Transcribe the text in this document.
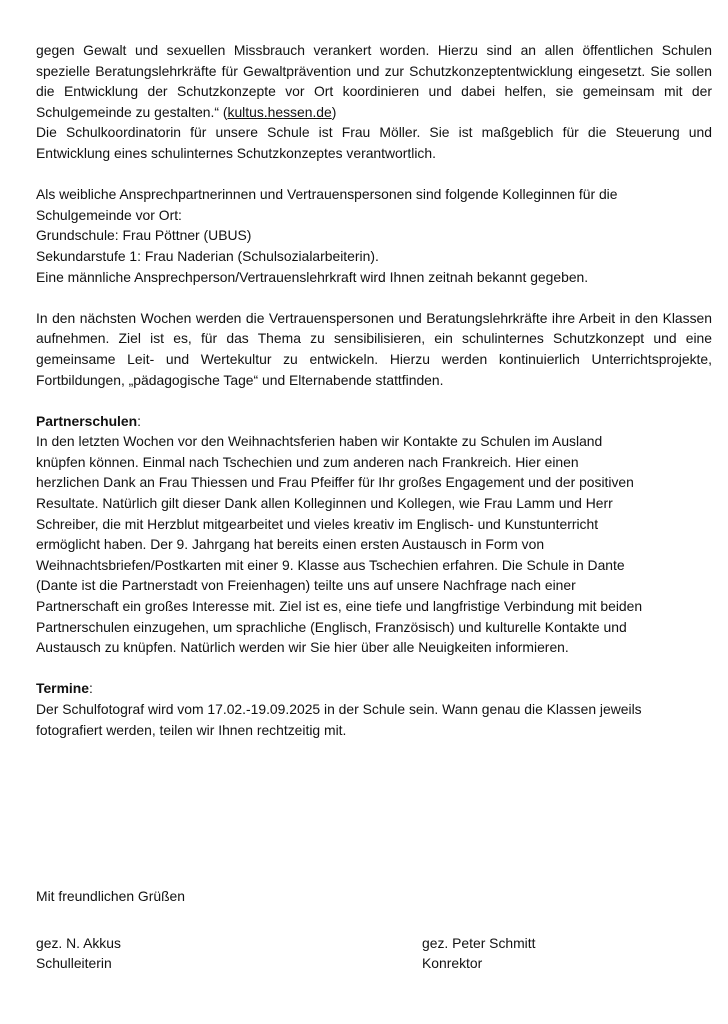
gegen Gewalt und sexuellen Missbrauch verankert worden. Hierzu sind an allen öffentlichen Schulen spezielle Beratungslehrkräfte für Gewaltprävention und zur Schutzkonzeptentwicklung eingesetzt. Sie sollen die Entwicklung der Schutzkonzepte vor Ort koordinieren und dabei helfen, sie gemeinsam mit der Schulgemeinde zu gestalten.“ (kultus.hessen.de)

Die Schulkoordinatorin für unsere Schule ist Frau Möller. Sie ist maßgeblich für die Steuerung und Entwicklung eines schulinternes Schutzkonzeptes verantwortlich.

Als weibliche Ansprechpartnerinnen und Vertrauenspersonen sind folgende Kolleginnen für die

Schulgemeinde vor Ort:

Grundschule: Frau Pöttner (UBUS)

Sekundarstufe 1: Frau Naderian (Schulsozialarbeiterin).

Eine männliche Ansprechperson/Vertrauenslehrkraft wird Ihnen zeitnah bekannt gegeben.

In den nächsten Wochen werden die Vertrauenspersonen und Beratungslehrkräfte ihre Arbeit in den Klassen aufnehmen. Ziel ist es, für das Thema zu sensibilisieren, ein schulinternes Schutzkonzept und eine gemeinsame Leit- und Wertekultur zu entwickeln. Hierzu werden kontinuierlich Unterrichtsprojekte, Fortbildungen, „pädagogische Tage“ und Elternabende stattfinden.

Partnerschulen:

In den letzten Wochen vor den Weihnachtsferien haben wir Kontakte zu Schulen im Ausland

knüpfen können. Einmal nach Tschechien und zum anderen nach Frankreich. Hier einen

herzlichen Dank an Frau Thiessen und Frau Pfeiffer für Ihr großes Engagement und der positiven

Resultate. Natürlich gilt dieser Dank allen Kolleginnen und Kollegen, wie Frau Lamm und Herr

Schreiber, die mit Herzblut mitgearbeitet und vieles kreativ im Englisch- und Kunstunterricht

ermöglicht haben. Der 9. Jahrgang hat bereits einen ersten Austausch in Form von

Weihnachtsbriefen/Postkarten mit einer 9. Klasse aus Tschechien erfahren. Die Schule in Dante

(Dante ist die Partnerstadt von Freienhagen) teilte uns auf unsere Nachfrage nach einer

Partnerschaft ein großes Interesse mit. Ziel ist es, eine tiefe und langfristige Verbindung mit beiden

Partnerschulen einzugehen, um sprachliche (Englisch, Französisch) und kulturelle Kontakte und

Austausch zu knüpfen. Natürlich werden wir Sie hier über alle Neuigkeiten informieren.

Termine:

Der Schulfotograf wird vom 17.02.-19.09.2025 in der Schule sein. Wann genau die Klassen jeweils

fotografiert werden, teilen wir Ihnen rechtzeitig mit.

Mit freundlichen Grüßen

gez. N. Akkus

Schulleiterin

gez. Peter Schmitt

Konrektor
